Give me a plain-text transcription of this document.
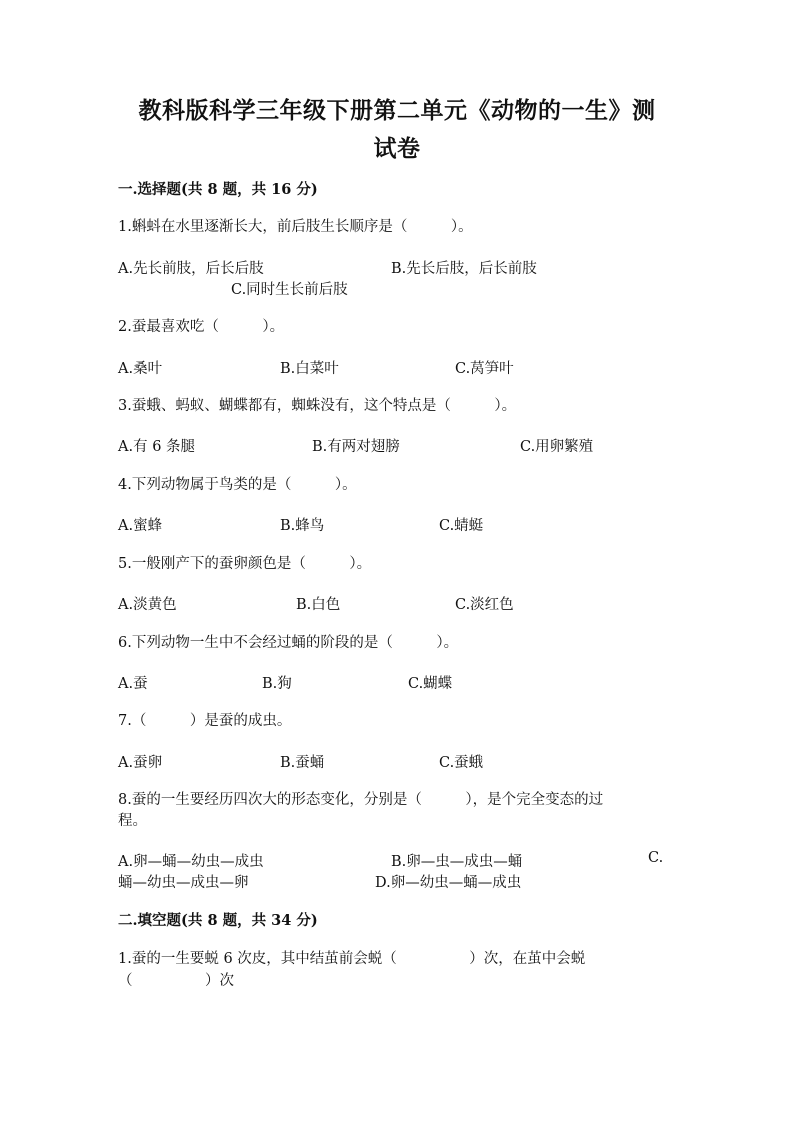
教科版科学三年级下册第二单元《动物的一生》测
试卷
一.选择题(共 8 题，共 16 分)
1.蝌蚪在水里逐渐长大，前后肢生长顺序是（　　　）。
A.先长前肢，后长后肢	B.先长后肢，后长前肢
C.同时生长前后肢
2.蚕最喜欢吃（　　　）。
A.桑叶	B.白菜叶	C.莴笋叶
3.蚕蛾、蚂蚁、蝴蝶都有，蜘蛛没有，这个特点是（　　　）。
A.有 6 条腿	B.有两对翅膀	C.用卵繁殖
4.下列动物属于鸟类的是（　　　）。
A.蜜蜂	B.蜂鸟	C.蜻蜓
5.一般刚产下的蚕卵颜色是（　　　）。
A.淡黄色	B.白色	C.淡红色
6.下列动物一生中不会经过蛹的阶段的是（　　　）。
A.蚕	B.狗	C.蝴蝶
7.（　　　）是蚕的成虫。
A.蚕卵	B.蚕蛹	C.蚕蛾
8.蚕的一生要经历四次大的形态变化，分别是（　　　），是个完全变态的过
程。
A.卵—蛹—幼虫—成虫	B.卵—虫—成虫—蛹	C.
蛹—幼虫—成虫—卵	D.卵—幼虫—蛹—成虫
二.填空题(共 8 题，共 34 分)
1.蚕的一生要蜕 6 次皮，其中结茧前会蜕（　　　　　）次，在茧中会蜕
（　　　　　）次
